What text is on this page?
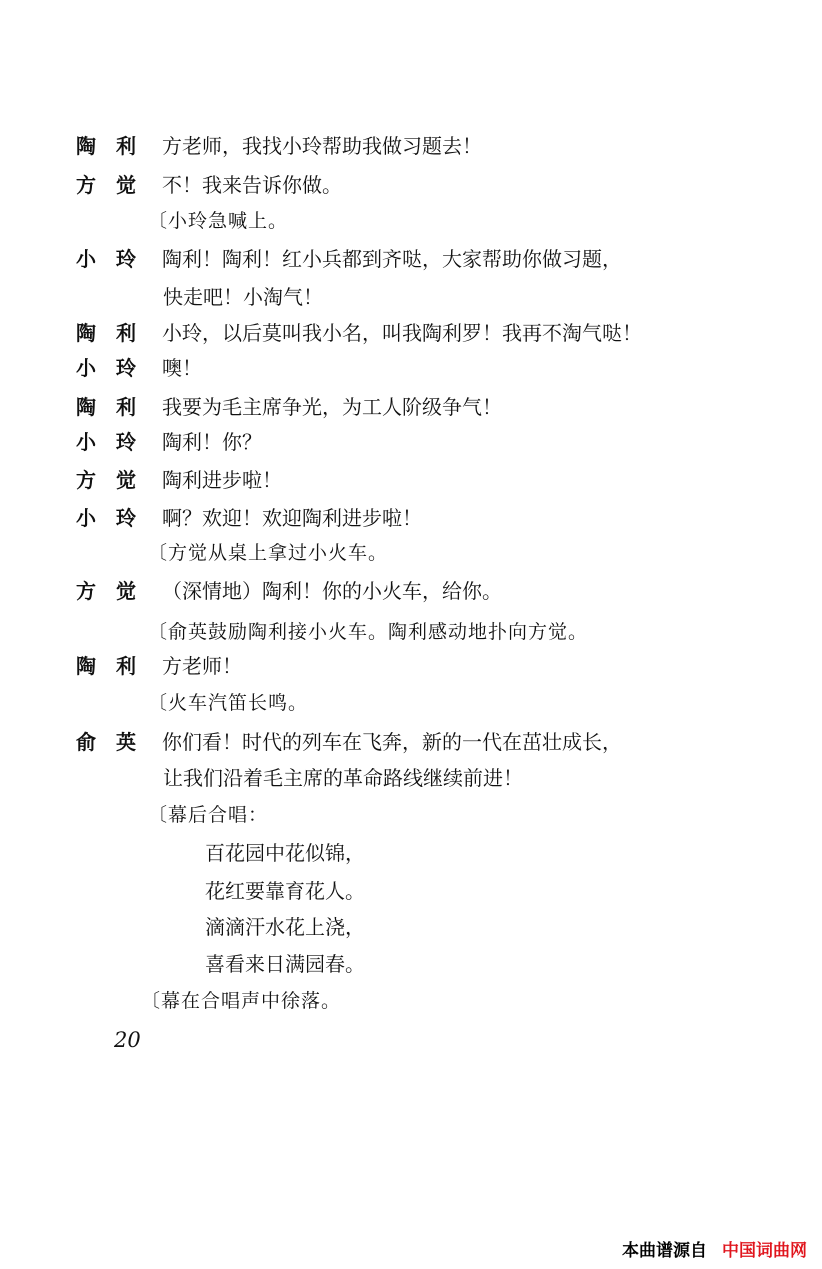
陶利 方老师，我找小玲帮助我做习题去！
方觉 不！我来告诉你做。
〔小玲急喊上。
小玲 陶利！陶利！红小兵都到齐哒，大家帮助你做习题，
快走吧！小淘气！
陶利 小玲，以后莫叫我小名，叫我陶利罗！我再不淘气哒！
小玲 噢！
陶利 我要为毛主席争光，为工人阶级争气！
小玲 陶利！你？
方觉 陶利进步啦！
小玲 啊？欢迎！欢迎陶利进步啦！
〔方觉从桌上拿过小火车。
方觉 （深情地）陶利！你的小火车，给你。
〔俞英鼓励陶利接小火车。陶利感动地扑向方觉。
陶利 方老师！
〔火车汽笛长鸣。
俞英 你们看！时代的列车在飞奔，新的一代在茁壮成长，
让我们沿着毛主席的革命路线继续前进！
〔幕后合唱：
百花园中花似锦，
花红要靠育花人。
滴滴汗水花上浇，
喜看来日满园春。
〔幕在合唱声中徐落。
20
本曲谱源自 中国词曲网
